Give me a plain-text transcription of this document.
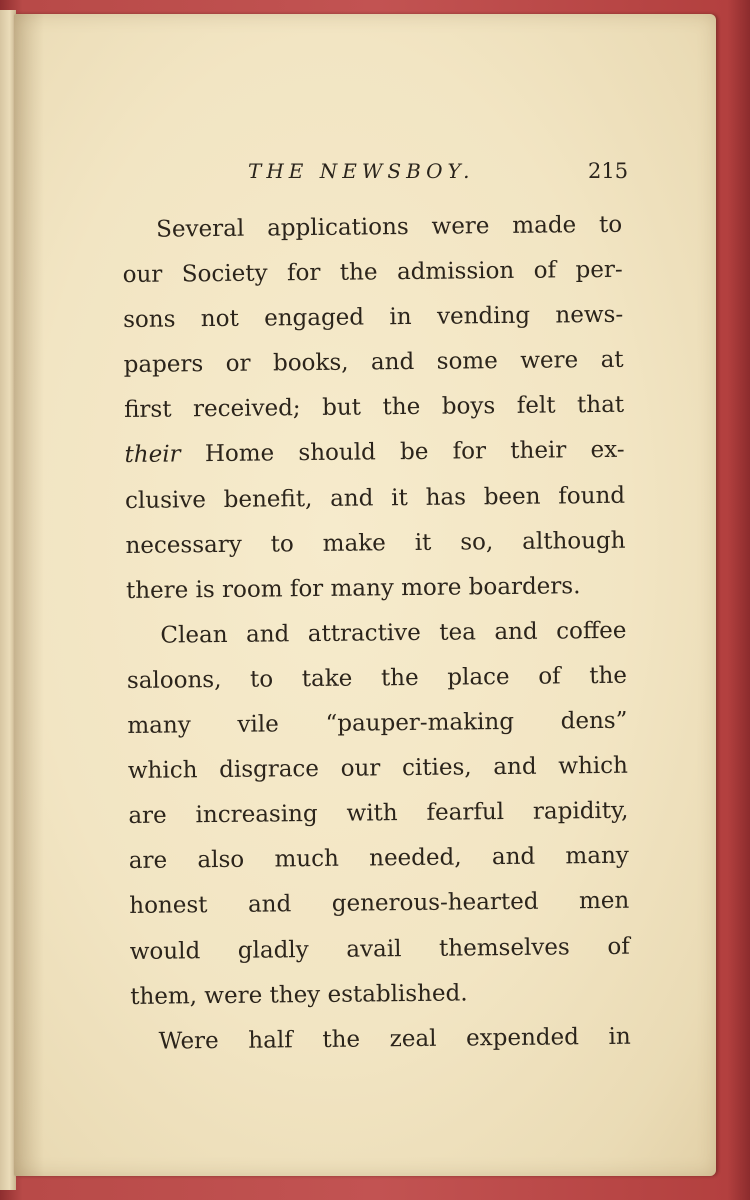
THE NEWSBOY.	215
Several applications were made to
our Society for the admission of per-
sons not engaged in vending news-
papers or books, and some were at
first received; but the boys felt that
their Home should be for their ex-
clusive benefit, and it has been found
necessary to make it so, although
there is room for many more boarders.
Clean and attractive tea and coffee
saloons, to take the place of the
many vile “pauper-making dens”
which disgrace our cities, and which
are increasing with fearful rapidity,
are also much needed, and many
honest and generous-hearted men
would gladly avail themselves of
them, were they established.
Were half the zeal expended in
